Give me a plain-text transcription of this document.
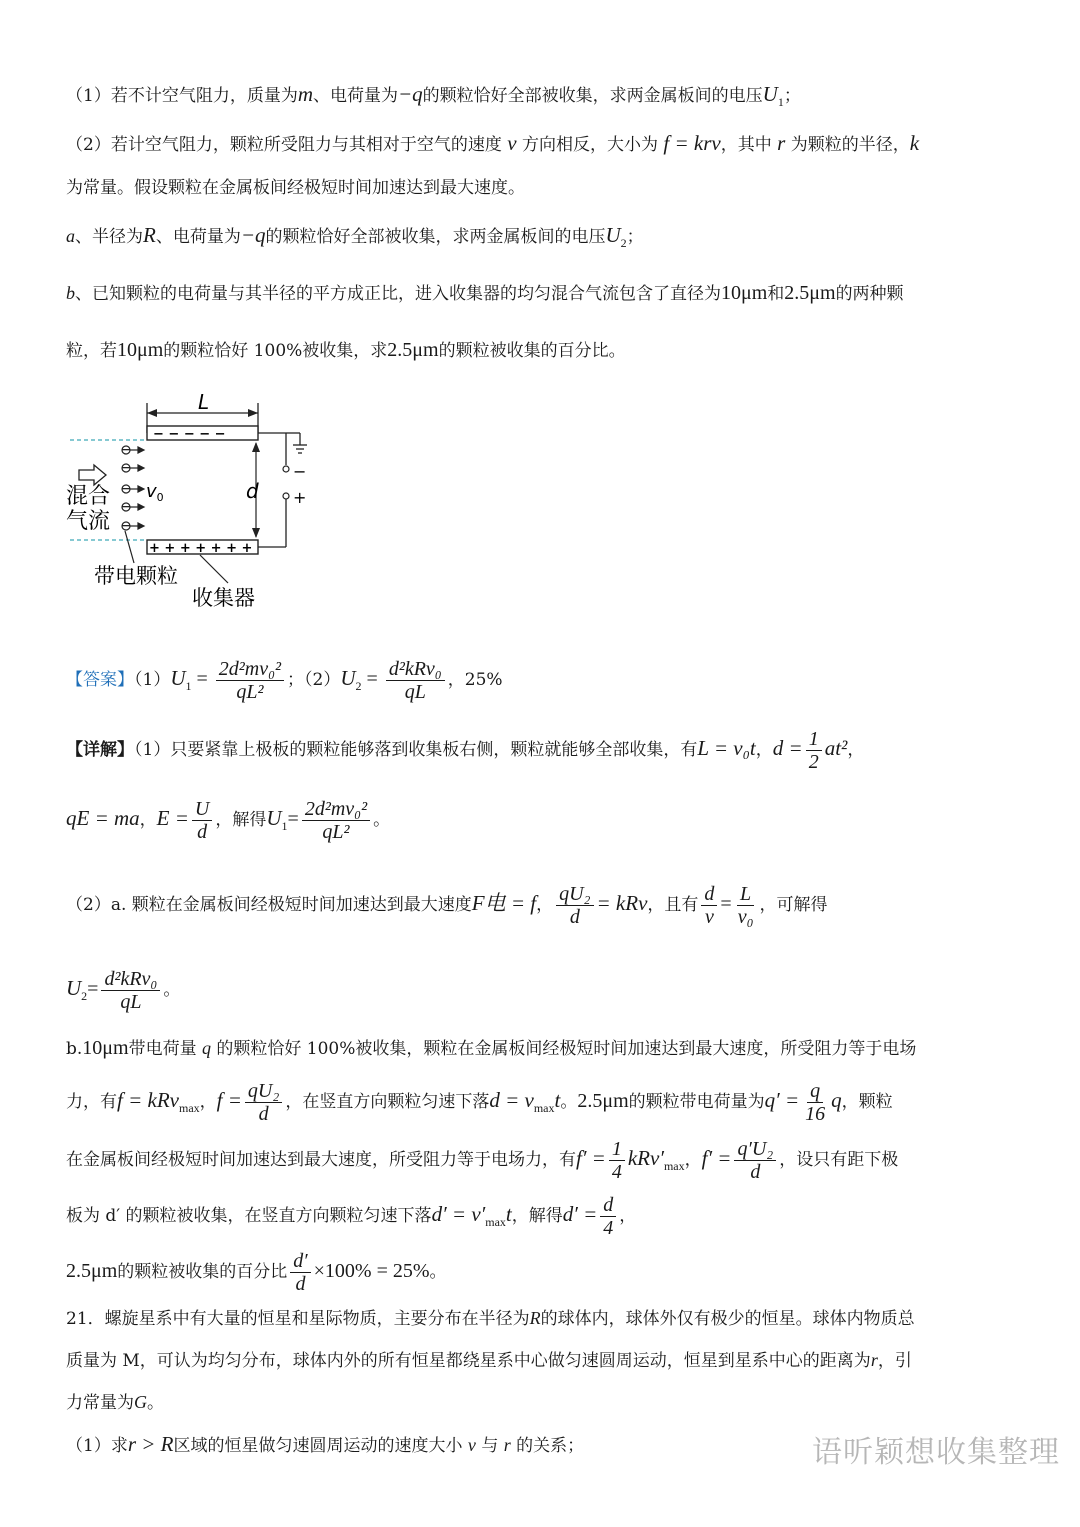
（1）若不计空气阻力，质量为m、电荷量为−q的颗粒恰好全部被收集，求两金属板间的电压$U_1$；
（2）若计空气阻力，颗粒所受阻力与其相对于空气的速度 v 方向相反，大小为 f = krv，其中 r 为颗粒的半径，k
为常量。假设颗粒在金属板间经极短时间加速达到最大速度。
a、半径为R、电荷量为−q的颗粒恰好全部被收集，求两金属板间的电压$U_2$；
b、已知颗粒的电荷量与其半径的平方成正比，进入收集器的均匀混合气流包含了直径为10μm和2.5μm的两种颗
粒，若10μm的颗粒恰好 100%被收集，求2.5μm的颗粒被收集的百分比。
L
− − − − −
+ + + + + + +
−
+
d
$v_0$
混合
气流
带电颗粒
收集器
【答案】$(1)U_1 = \frac{\text{2d²mv₀²}}{\text{qL²}}$ ；$(2)U_2 = \frac{\text{d²kRv₀}}{qL}$ ，25%
【详解】（1）只要紧靠上极板的颗粒能够落到收集板右侧，颗粒就能够全部收集，有L = v₀t，$d = \frac{1}{2} at^2$，
qE = ma，$E = \frac{U}{d}$ ，解得$U_1= \frac{\text{2d²mv₀²}}{\text{qL²}}$ 。
（2）a. 颗粒在金属板间经极短时间加速达到最大速度F电 = f， $\frac{\text{qU₂}}{d}$ = kRv，且有 $\frac{d}{v} = \frac{L}{\text{v₀}}$ ，可解得
$U_2= \frac{\text{d²kRv₀}}{qL}$ 。
b.10μm带电荷量 q 的颗粒恰好 100%被收集，颗粒在金属板间经极短时间加速达到最大速度，所受阻力等于电场
力，有f = kRv$_{max}$，$f = \frac{\text{qU₂}}{d}$ ，在竖直方向颗粒匀速下落$d = v_{max}t$。2.5μm的颗粒带电荷量为$q' = \frac{q}{16}$ q，颗粒
在金属板间经极短时间加速达到最大速度，所受阻力等于电场力，有$f' = \frac{1}{4} kRv'_{max}$，$f' = \frac{\text{q′U₂}}{d}$ ，设只有距下极
板为 d′ 的颗粒被收集，在竖直方向颗粒匀速下落$d' = v'_{max}t$，解得$d' = \frac{d}{4}$ ，
2.5μm的颗粒被收集的百分比 $\frac{d'}{d} \times 100\% = 25\%$。
21．螺旋星系中有大量的恒星和星际物质，主要分布在半径为R的球体内，球体外仅有极少的恒星。球体内物质总
质量为 M，可认为均匀分布，球体内外的所有恒星都绕星系中心做匀速圆周运动，恒星到星系中心的距离为r，引
力常量为G。
（1）求r > R区域的恒星做匀速圆周运动的速度大小 v 与 r 的关系；	语听颖想收集整理
